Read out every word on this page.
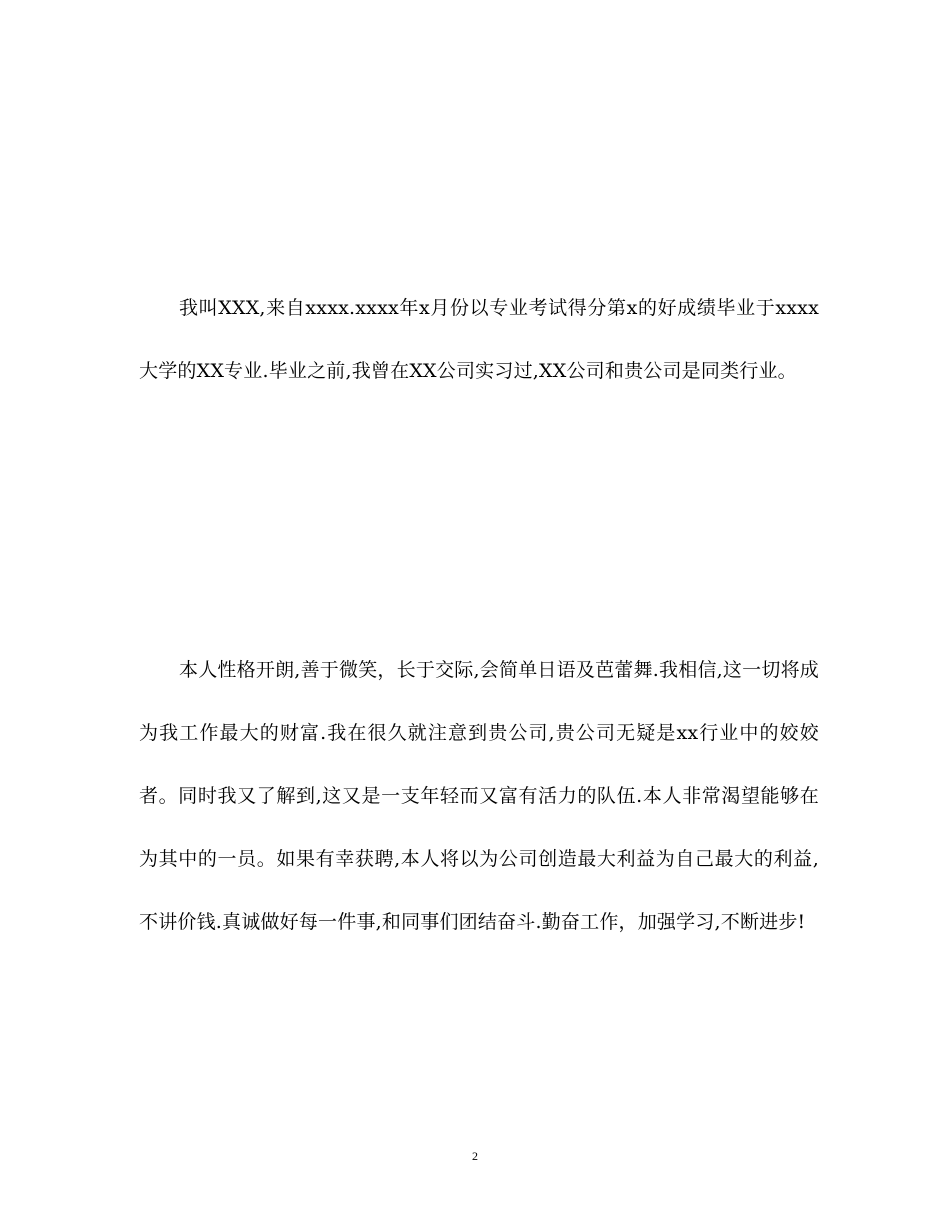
我叫XXX,来自xxxx.xxxx年x月份以专业考试得分第x的好成绩毕业于xxxx大学的XX专业.毕业之前,我曾在XX公司实习过,XX公司和贵公司是同类行业。

本人性格开朗,善于微笑，长于交际,会简单日语及芭蕾舞.我相信,这一切将成为我工作最大的财富.我在很久就注意到贵公司,贵公司无疑是xx行业中的姣姣者。同时我又了解到,这又是一支年轻而又富有活力的队伍.本人非常渴望能够在为其中的一员。如果有幸获聘,本人将以为公司创造最大利益为自己最大的利益,不讲价钱.真诚做好每一件事,和同事们团结奋斗.勤奋工作，加强学习,不断进步!

2
